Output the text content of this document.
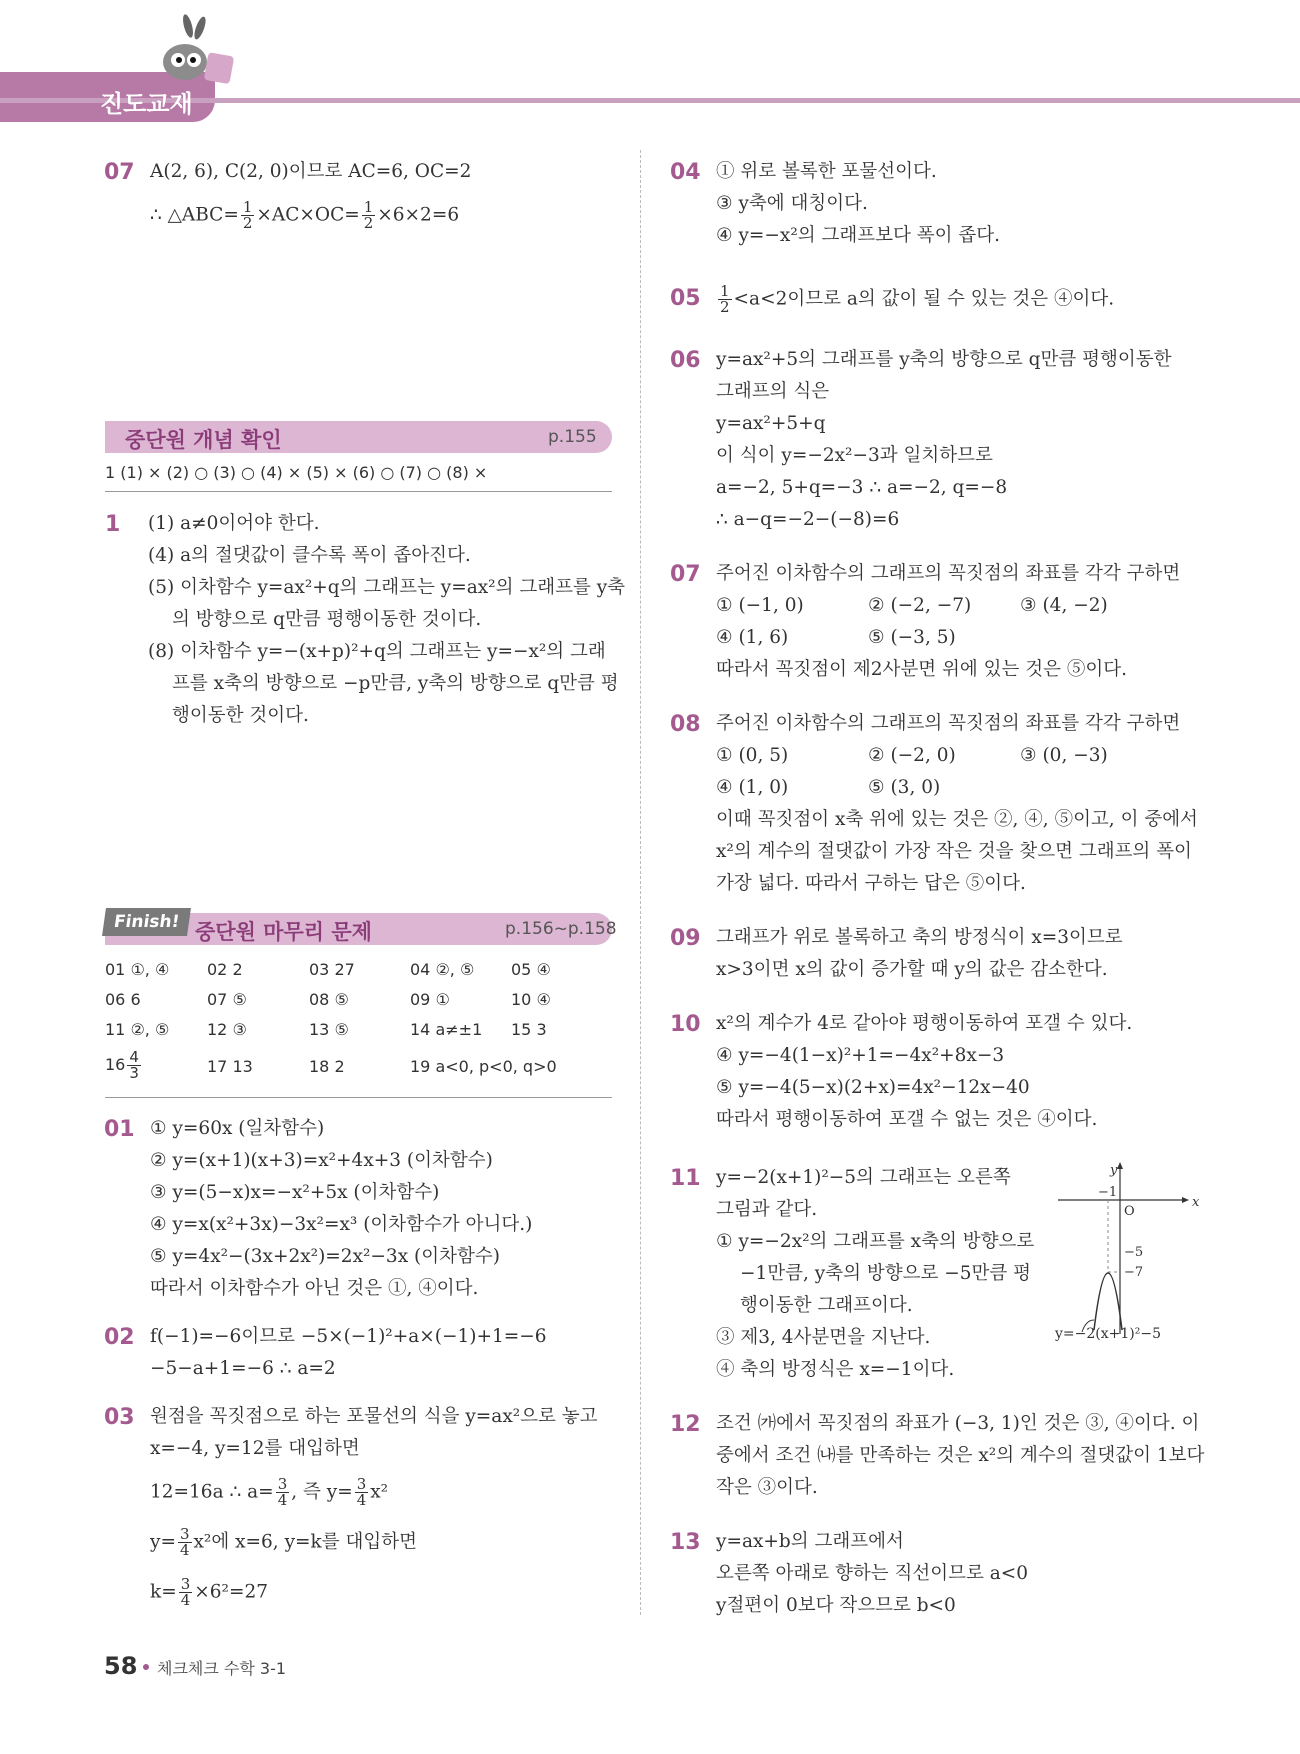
진도교재
07 A(2, 6), C(2, 0)이므로 AC=6, OC=2
∴ △ABC= $\frac{1}{2} \times AC\times OC= \frac{1}{2} \times 6\times 2=6$
중단원 개념 확인	p.155
1 (1) × (2) ○ (3) ○ (4) × (5) × (6) ○ (7) ○ (8) ×
1 (1) a≠0이어야 한다.
(4) a의 절댓값이 클수록 폭이 좁아진다.
(5) 이차함수 y=ax²+q의 그래프는 y=ax²의 그래프를 y축
의 방향으로 q만큼 평행이동한 것이다.
(8) 이차함수 y=−(x+p)²+q의 그래프는 y=−x²의 그래
프를 x축의 방향으로 −p만큼, y축의 방향으로 q만큼 평
행이동한 것이다.
Finish! 중단원 마무리 문제	p.156~p.158
01 ①, ④ 02 2	03 27	04 ②, ⑤ 05 ④
06 6	07 ⑤	08 ⑤	09 ①	10 ④
11 ②, ⑤ 12 ③	13 ⑤	14 a≠±1 15 3
$16 \frac{4}{3}$	17 13	18 2	19 a<0, p<0, q>0
01 ① y=60x (일차함수)
② y=(x+1)(x+3)=x²+4x+3 (이차함수)
③ y=(5−x)x=−x²+5x (이차함수)
④ y=x(x²+3x)−3x²=x³ (이차함수가 아니다.)
⑤ y=4x²−(3x+2x²)=2x²−3x (이차함수)
따라서 이차함수가 아닌 것은 ①, ④이다.
02 f(−1)=−6이므로 −5×(−1)²+a×(−1)+1=−6
−5−a+1=−6 ∴ a=2
03 원점을 꼭짓점으로 하는 포물선의 식을 y=ax²으로 놓고
x=−4, y=12를 대입하면
12=16a ∴ $a= \frac{3}{4}$ , 즉 $y= \frac{3}{4} x^2$
$y= \frac{3}{4} x^2$에 x=6, y=k를 대입하면
$k= \frac{3}{4} \times 6^2=27$
04 ① 위로 볼록한 포물선이다.
③ y축에 대칭이다.
④ y=−x²의 그래프보다 폭이 좁다.
$05 \frac{1}{2} <a<2$이므로 a의 값이 될 수 있는 것은 ④이다.
06 y=ax²+5의 그래프를 y축의 방향으로 q만큼 평행이동한
그래프의 식은
y=ax²+5+q
이 식이 y=−2x²−3과 일치하므로
a=−2, 5+q=−3 ∴ a=−2, q=−8
∴ a−q=−2−(−8)=6
07 주어진 이차함수의 그래프의 꼭짓점의 좌표를 각각 구하면
① (−1, 0)	② (−2, −7)	③ (4, −2)
④ (1, 6)	⑤ (−3, 5)
따라서 꼭짓점이 제2사분면 위에 있는 것은 ⑤이다.
08 주어진 이차함수의 그래프의 꼭짓점의 좌표를 각각 구하면
① (0, 5)	② (−2, 0)	③ (0, −3)
④ (1, 0)	⑤ (3, 0)
이때 꼭짓점이 x축 위에 있는 것은 ②, ④, ⑤이고, 이 중에서
x²의 계수의 절댓값이 가장 작은 것을 찾으면 그래프의 폭이
가장 넓다. 따라서 구하는 답은 ⑤이다.
09 그래프가 위로 볼록하고 축의 방정식이 x=3이므로
x>3이면 x의 값이 증가할 때 y의 값은 감소한다.
10 x²의 계수가 4로 같아야 평행이동하여 포갤 수 있다.
④ y=−4(1−x)²+1=−4x²+8x−3
⑤ y=−4(5−x)(2+x)=4x²−12x−40
따라서 평행이동하여 포갤 수 없는 것은 ④이다.
11 y=−2(x+1)²−5의 그래프는 오른쪽
그림과 같다.
① y=−2x²의 그래프를 x축의 방향으로
−1만큼, y축의 방향으로 −5만큼 평
행이동한 그래프이다.
③ 제3, 4사분면을 지난다.
④ 축의 방정식은 x=−1이다.
y
x
O
−1
−5
−7
y=−2(x+1)²−5
12 조건 ㈎에서 꼭짓점의 좌표가 (−3, 1)인 것은 ③, ④이다. 이
중에서 조건 ㈏를 만족하는 것은 x²의 계수의 절댓값이 1보다
작은 ③이다.
13 y=ax+b의 그래프에서
오른쪽 아래로 향하는 직선이므로 a<0
y절편이 0보다 작으므로 b<0
58 체크체크 수학 3-1
